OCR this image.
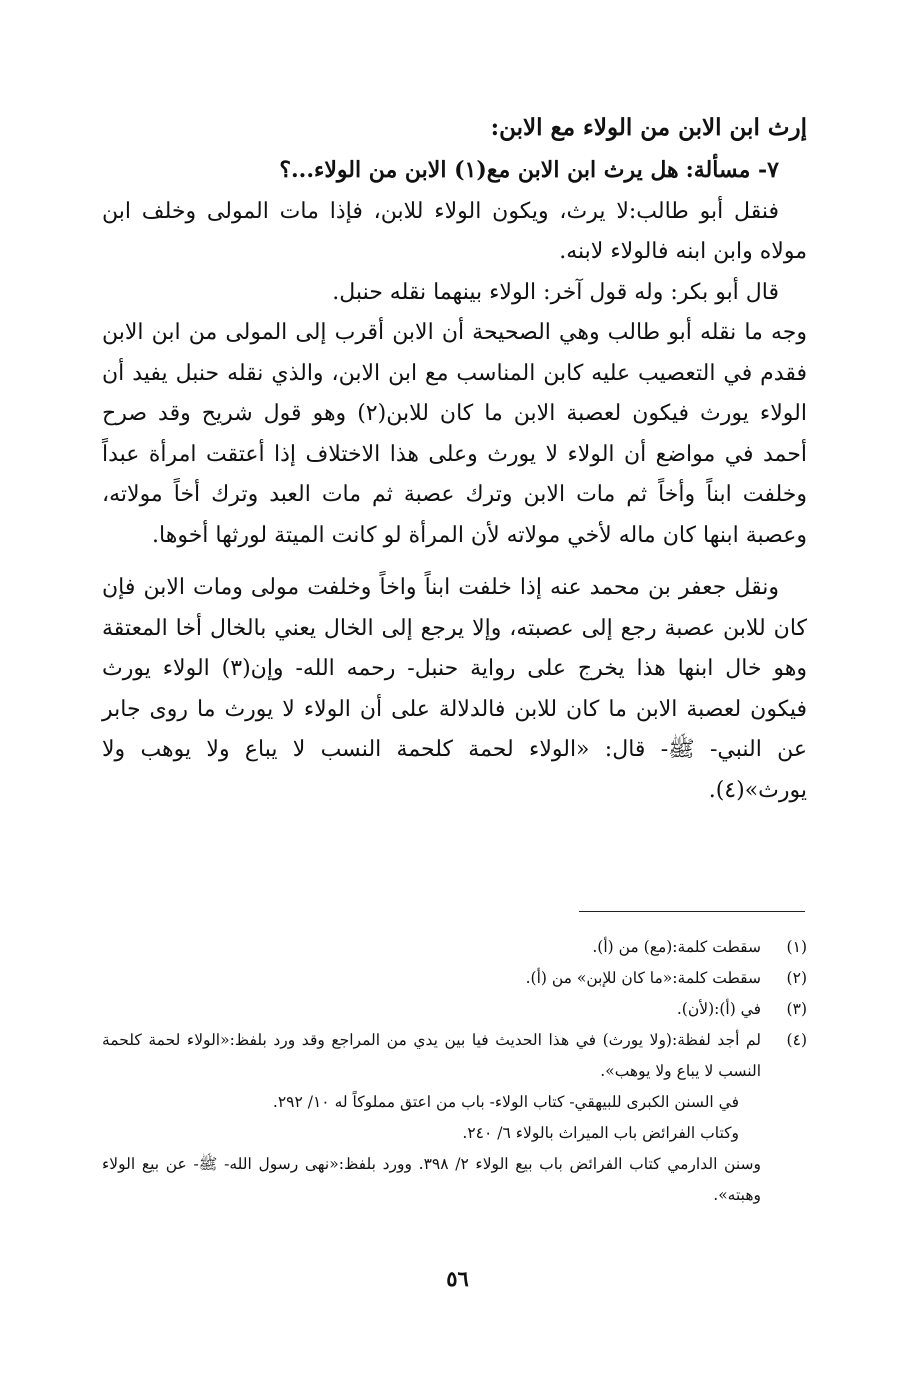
إرث ابن الابن من الولاء مع الابن:

٧- مسألة: هل يرث ابن الابن مع(١) الابن من الولاء...؟

فنقل أبو طالب:لا يرث، ويكون الولاء للابن، فإذا مات المولى وخلف ابن مولاه وابن ابنه فالولاء لابنه.

قال أبو بكر: وله قول آخر: الولاء بينهما نقله حنبل.

وجه ما نقله أبو طالب وهي الصحيحة أن الابن أقرب إلى المولى من ابن الابن فقدم في التعصيب عليه كابن المناسب مع ابن الابن، والذي نقله حنبل يفيد أن الولاء يورث فيكون لعصبة الابن ما كان للابن(٢) وهو قول شريح وقد صرح أحمد في مواضع أن الولاء لا يورث وعلى هذا الاختلاف إذا أعتقت امرأة عبداً وخلفت ابناً وأخاً ثم مات الابن وترك عصبة ثم مات العبد وترك أخاً مولاته، وعصبة ابنها كان ماله لأخي مولاته لأن المرأة لو كانت الميتة لورثها أخوها.

ونقل جعفر بن محمد عنه إذا خلفت ابناً واخاً وخلفت مولى ومات الابن فإن كان للابن عصبة رجع إلى عصبته، وإلا يرجع إلى الخال يعني بالخال أخا المعتقة وهو خال ابنها هذا يخرج على رواية حنبل- رحمه الله- وإن(٣) الولاء يورث فيكون لعصبة الابن ما كان للابن فالدلالة على أن الولاء لا يورث ما روى جابر عن النبي- ﷺ- قال: «الولاء لحمة كلحمة النسب لا يباع ولا يوهب ولا يورث»(٤).

(١)
سقطت كلمة:(مع) من (أ).
(٢)
سقطت كلمة:«ما كان للإبن» من (أ).
(٣)
في (أ):(لأن).
(٤)
لم أجد لفظة:(ولا يورث) في هذا الحديث فيا بين يدي من المراجع وقد ورد بلفظ:«الولاء لحمة كلحمة النسب لا يباع ولا يوهب».
في السنن الكبرى للبيهقي- كتاب الولاء- باب من اعتق مملوكاً له ١٠/ ٢٩٢.
وكتاب الفرائض باب الميراث بالولاء ٦/ ٢٤٠.
وسنن الدارمي كتاب الفرائض باب بيع الولاء ٢/ ٣٩٨. وورد بلفظ:«نهى رسول الله- ﷺ- عن بيع الولاء وهبته».
٥٦
